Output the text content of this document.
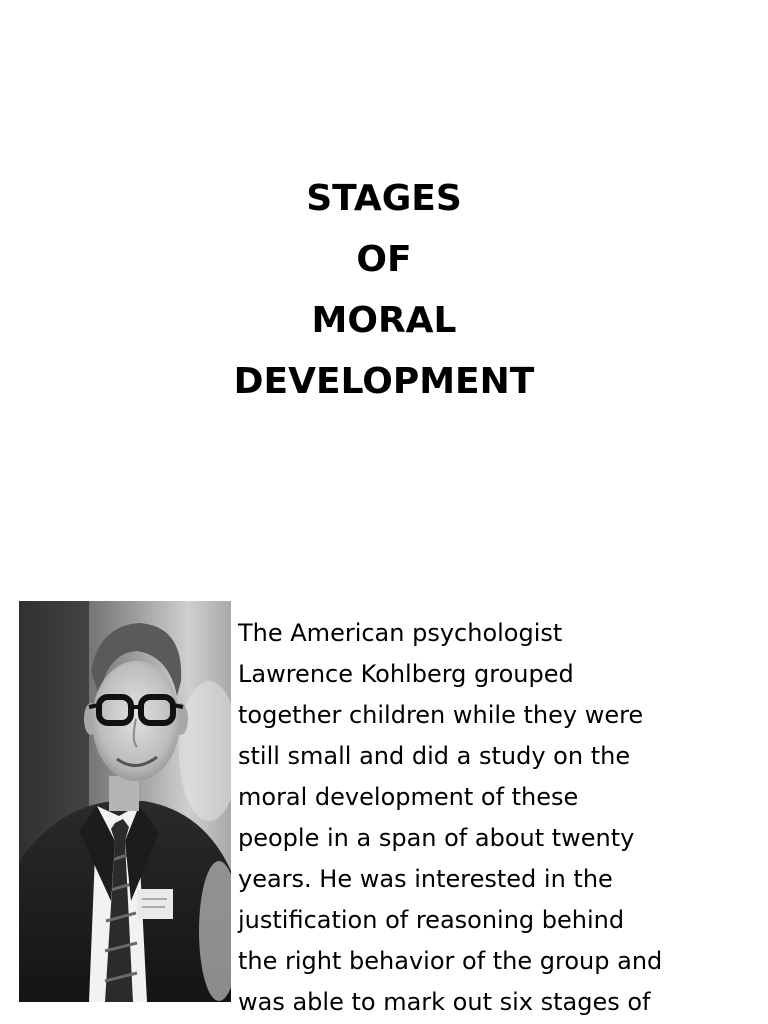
STAGES
OF
MORAL
DEVELOPMENT
The American psychologist
Lawrence Kohlberg grouped
together children while they were
still small and did a study on the
moral development of these
people in a span of about twenty
years. He was interested in the
justification of reasoning behind
the right behavior of the group and
was able to mark out six stages of
